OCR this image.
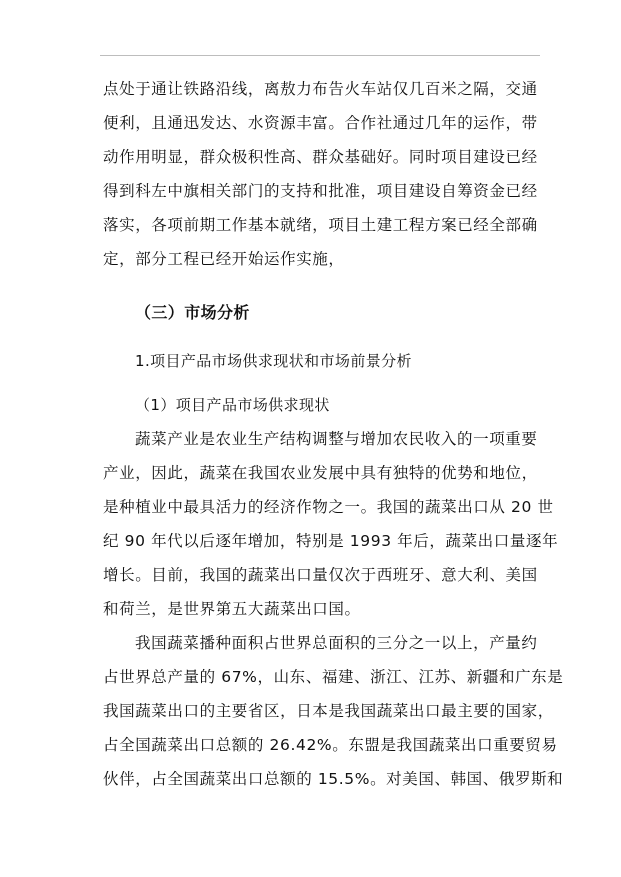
点处于通让铁路沿线，离敖力布告火车站仅几百米之隔，交通
便利，且通迅发达、水资源丰富。合作社通过几年的运作，带
动作用明显，群众极积性高、群众基础好。同时项目建设已经
得到科左中旗相关部门的支持和批准，项目建设自筹资金已经
落实，各项前期工作基本就绪，项目土建工程方案已经全部确
定，部分工程已经开始运作实施，
（三）市场分析
1.项目产品市场供求现状和市场前景分析
（1）项目产品市场供求现状
蔬菜产业是农业生产结构调整与增加农民收入的一项重要
产业，因此，蔬菜在我国农业发展中具有独特的优势和地位，
是种植业中最具活力的经济作物之一。我国的蔬菜出口从 20 世
纪 90 年代以后逐年增加，特别是 1993 年后，蔬菜出口量逐年
增长。目前，我国的蔬菜出口量仅次于西班牙、意大利、美国
和荷兰，是世界第五大蔬菜出口国。
我国蔬菜播种面积占世界总面积的三分之一以上，产量约
占世界总产量的 67%，山东、福建、浙江、江苏、新疆和广东是
我国蔬菜出口的主要省区，日本是我国蔬菜出口最主要的国家，
占全国蔬菜出口总额的 26.42%。东盟是我国蔬菜出口重要贸易
伙伴，占全国蔬菜出口总额的 15.5%。对美国、韩国、俄罗斯和
